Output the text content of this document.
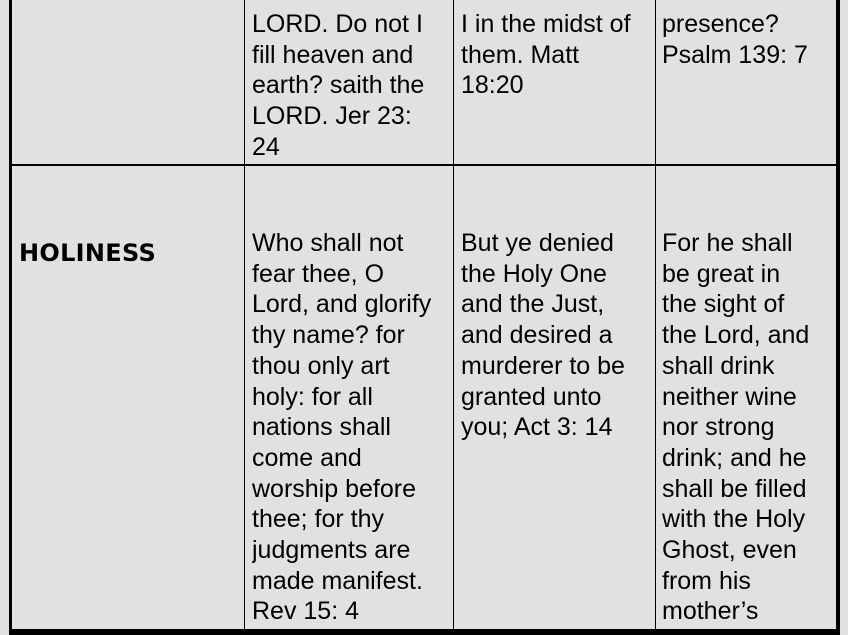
LORD. Do not I
fill heaven and
earth? saith the
LORD. Jer 23:
24
I in the midst of
them. Matt
18:20
presence?
Psalm 139: 7
HOLINESS	Who shall not
fear thee, O
Lord, and glorify
thy name? for
thou only art
holy: for all
nations shall
come and
worship before
thee; for thy
judgments are
made manifest.
Rev 15: 4
But ye denied
the Holy One
and the Just,
and desired a
murderer to be
granted unto
you; Act 3: 14
For he shall
be great in
the sight of
the Lord, and
shall drink
neither wine
nor strong
drink; and he
shall be filled
with the Holy
Ghost, even
from his
mother’s
